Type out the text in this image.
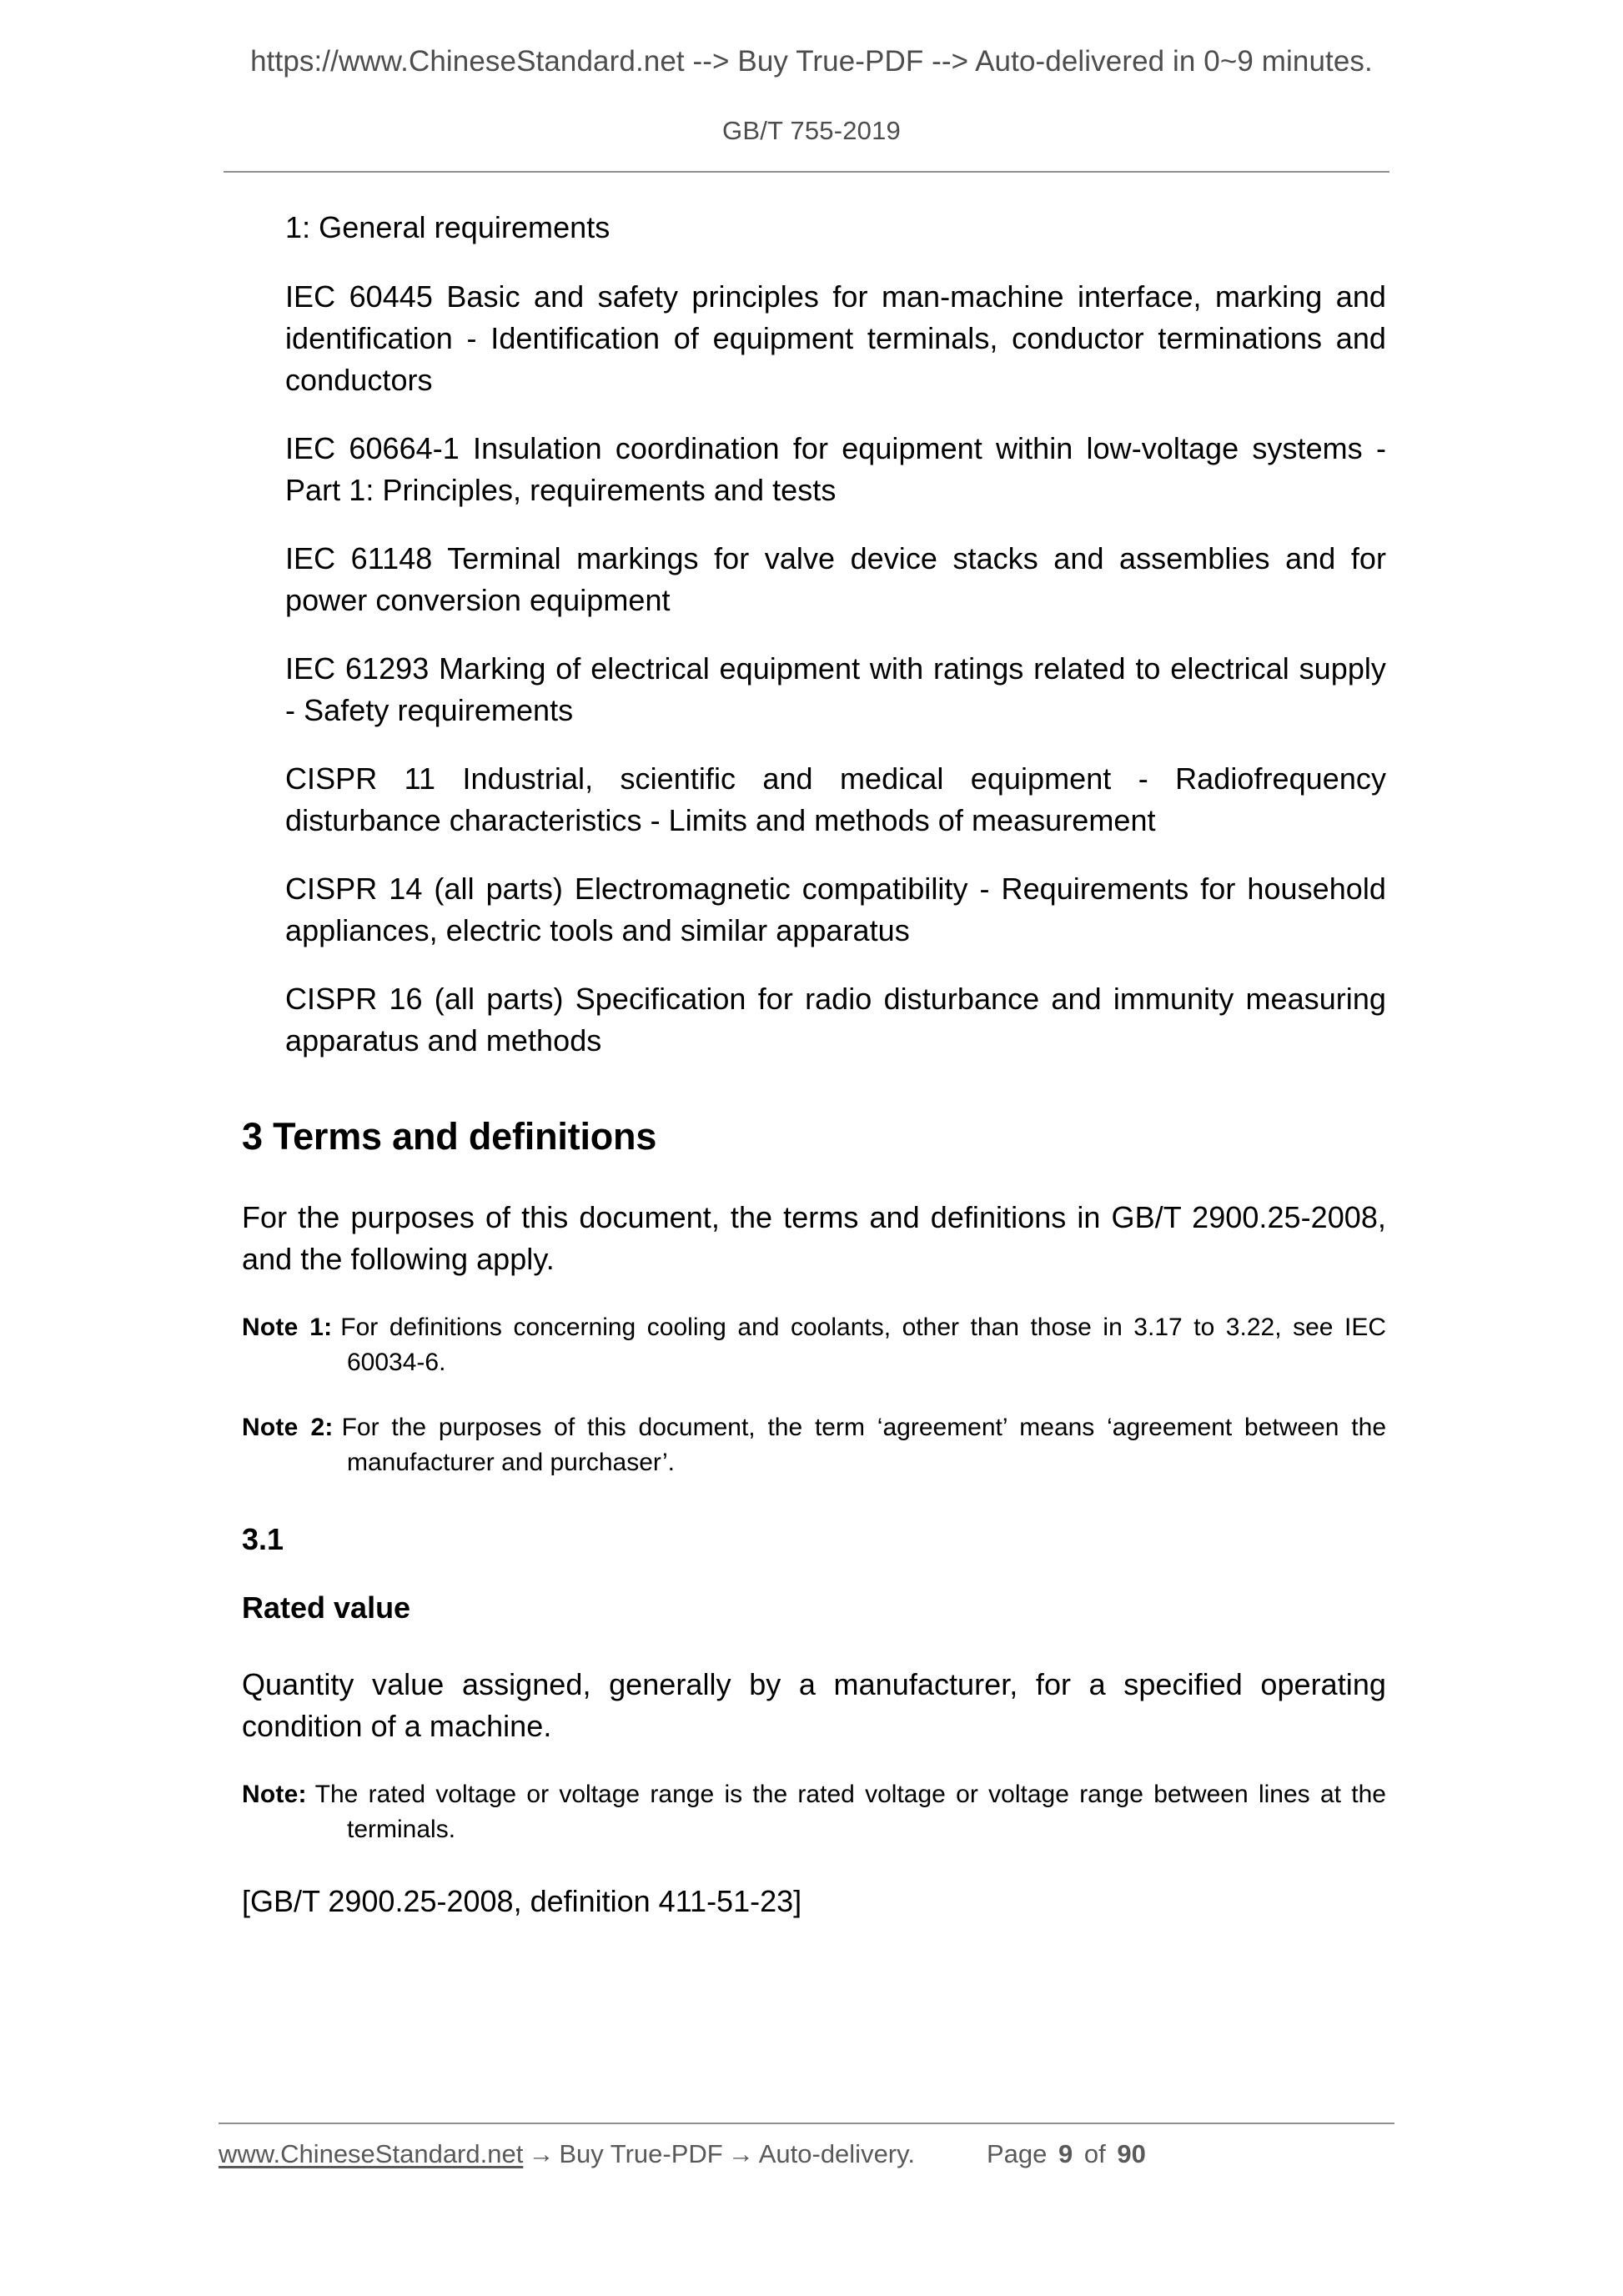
https://www.ChineseStandard.net --> Buy True-PDF --> Auto-delivered in 0~9 minutes.
GB/T 755-2019

1: General requirements

IEC 60445 Basic and safety principles for man-machine interface, marking and identification - Identification of equipment terminals, conductor terminations and conductors

IEC 60664-1 Insulation coordination for equipment within low-voltage systems - Part 1: Principles, requirements and tests

IEC 61148 Terminal markings for valve device stacks and assemblies and for power conversion equipment

IEC 61293 Marking of electrical equipment with ratings related to electrical supply - Safety requirements

CISPR 11 Industrial, scientific and medical equipment - Radiofrequency disturbance characteristics - Limits and methods of measurement

CISPR 14 (all parts) Electromagnetic compatibility - Requirements for household appliances, electric tools and similar apparatus

CISPR 16 (all parts) Specification for radio disturbance and immunity measuring apparatus and methods

3 Terms and definitions

For the purposes of this document, the terms and definitions in GB/T 2900.25-2008, and the following apply.

Note 1: For definitions concerning cooling and coolants, other than those in 3.17 to 3.22, see IEC 60034-6.

Note 2: For the purposes of this document, the term ‘agreement’ means ‘agreement between the manufacturer and purchaser’.

3.1

Rated value

Quantity value assigned, generally by a manufacturer, for a specified operating condition of a machine.

Note: The rated voltage or voltage range is the rated voltage or voltage range between lines at the terminals.

[GB/T 2900.25-2008, definition 411-51-23]

www.ChineseStandard.net → Buy True-PDF → Auto-delivery.	Page 9 of 90
